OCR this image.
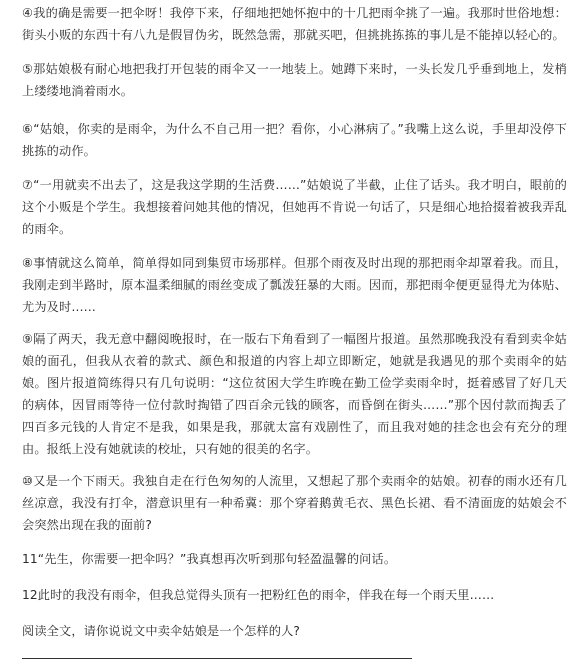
④我的确是需要一把伞呀！我停下来，仔细地把她怀抱中的十几把雨伞挑了一遍。我那时世俗地想：街头小贩的东西十有八九是假冒伪劣，既然急需，那就买吧，但挑挑拣拣的事儿是不能掉以轻心的。

⑤那姑娘极有耐心地把我打开包装的雨伞又一一地装上。她蹲下来时，一头长发几乎垂到地上，发梢上缕缕地淌着雨水。

⑥“姑娘，你卖的是雨伞，为什么不自己用一把？看你，小心淋病了。”我嘴上这么说，手里却没停下挑拣的动作。

⑦“一用就卖不出去了，这是我这学期的生活费……”姑娘说了半截，止住了话头。我才明白，眼前的这个小贩是个学生。我想接着问她其他的情况，但她再不肯说一句话了，只是细心地拾掇着被我弄乱的雨伞。

⑧事情就这么简单，简单得如同到集贸市场那样。但那个雨夜及时出现的那把雨伞却罩着我。而且，我刚走到半路时，原本温柔细腻的雨丝变成了瓢泼狂暴的大雨。因而，那把雨伞便更显得尤为体贴、尤为及时……

⑨隔了两天，我无意中翻阅晚报时，在一版右下角看到了一幅图片报道。虽然那晚我没有看到卖伞姑娘的面孔，但我从衣着的款式、颜色和报道的内容上却立即断定，她就是我遇见的那个卖雨伞的姑娘。图片报道简练得只有几句说明：“这位贫困大学生昨晚在勤工俭学卖雨伞时，挺着感冒了好几天的病体，因冒雨等待一位付款时掏错了四百余元钱的顾客，而昏倒在街头……”那个因付款而掏丢了四百多元钱的人肯定不是我，如果是我，那就太富有戏剧性了，而且我对她的挂念也会有充分的理由。报纸上没有她就读的校址，只有她的很美的名字。

⑩又是一个下雨天。我独自走在行色匆匆的人流里，又想起了那个卖雨伞的姑娘。初春的雨水还有几丝凉意，我没有打伞，潜意识里有一种希冀：那个穿着鹅黄毛衣、黑色长裙、看不清面庞的姑娘会不会突然出现在我的面前?

11“先生，你需要一把伞吗？”我真想再次听到那句轻盈温馨的问话。

12此时的我没有雨伞，但我总觉得头顶有一把粉红色的雨伞，伴我在每一个雨天里……

阅读全文，请你说说文中卖伞姑娘是一个怎样的人?
